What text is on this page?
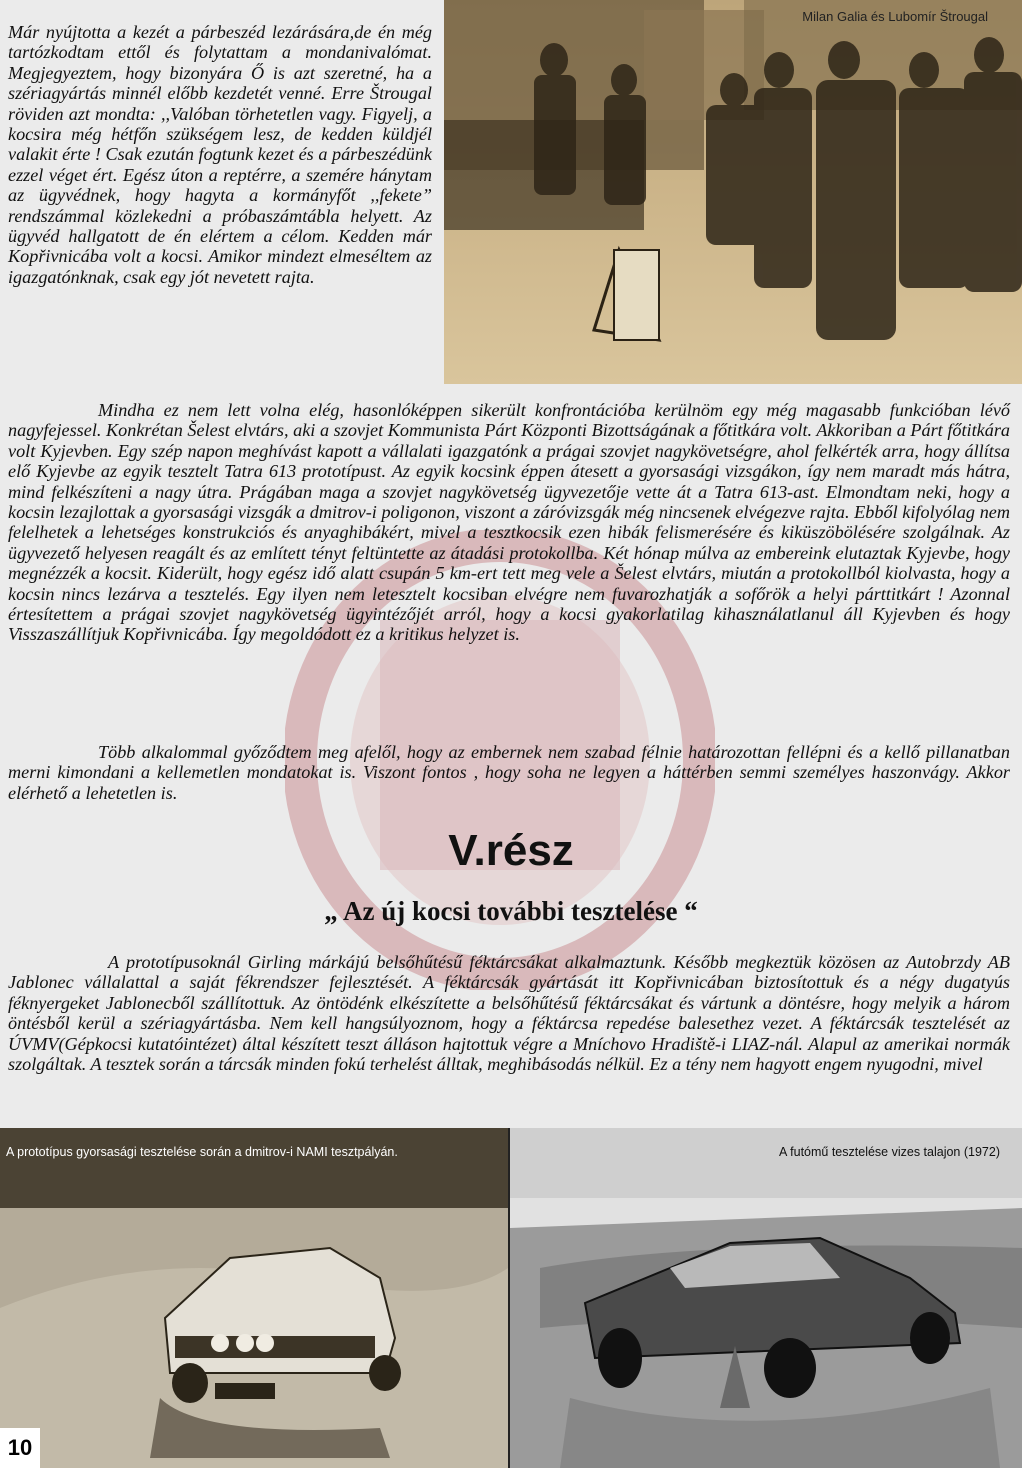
Milan Galia és Lubomír Štrougal

Már nyújtotta a kezét a párbeszéd lezárására,de én még tartózkodtam ettől és folytattam a mondanivalómat. Megjegyeztem, hogy bizonyára Ő is azt szeretné, ha a szériagyártás minnél előbb kezdetét venné. Erre Štrougal röviden azt mondta: ,,Valóban törhetetlen vagy. Figyelj, a kocsira még hétfőn szükségem lesz, de kedden küldjél valakit érte ! Csak ezután fogtunk kezet és a párbeszédünk ezzel véget ért. Egész úton a reptérre, a szemére hánytam az ügyvédnek, hogy hagyta a kormányfőt ,,fekete” rendszámmal közlekedni a próbaszámtábla helyett. Az ügyvéd hallgatott de én elértem a célom. Kedden már Kopřivnicába volt a kocsi. Amikor mindezt elmeséltem az igazgatónknak, csak egy jót nevetett rajta.

Mindha ez nem lett volna elég, hasonlóképpen sikerült konfrontációba kerülnöm egy még magasabb funkcióban lévő nagyfejessel. Konkrétan Šelest elvtárs, aki a szovjet Kommunista Párt Központi Bizottságának a főtitkára volt. Akkoriban a Párt főtitkára volt Kyjevben. Egy szép napon meghívást kapott a vállalati igazgatónk a prágai szovjet nagykövetségre, ahol felkérték arra, hogy állítsa elő Kyjevbe az egyik tesztelt Tatra 613 prototípust. Az egyik kocsink éppen átesett a gyorsasági vizsgákon, így nem maradt más hátra, mind felkészíteni a nagy útra. Prágában maga a szovjet nagykövetség ügyvezetője vette át a Tatra 613-ast. Elmondtam neki, hogy a kocsin lezajlottak a gyorsasági vizsgák a dmitrov-i poligonon, viszont a záróvizsgák még nincsenek elvégezve rajta. Ebből kifolyólag nem felelhetek a lehetséges konstrukciós és anyaghibákért, mivel a tesztkocsik ezen hibák felismerésére és kiküszöbölésére szolgálnak. Az ügyvezető helyesen reagált és az említett tényt feltüntette az átadási protokollba. Két hónap múlva az embereink elutaztak Kyjevbe, hogy megnézzék a kocsit. Kiderült, hogy egész idő alatt csupán 5 km-ert tett meg vele a Šelest elvtárs, miután a protokollból kiolvasta, hogy a kocsin nincs lezárva a tesztelés. Egy ilyen nem letesztelt kocsiban elvégre nem fuvarozhatják a sofőrök a helyi párttitkárt ! Azonnal értesítettem a prágai szovjet nagykövetség ügyintézőjét arról, hogy a kocsi gyakorlatilag kihasználatlanul áll Kyjevben és hogy Visszaszállítjuk Kopřivnicába. Így megoldódott ez a kritikus helyzet is.

Több alkalommal győződtem meg afelől, hogy az embernek nem szabad félnie határozottan fellépni és a kellő pillanatban merni kimondani a kellemetlen mondatokat is. Viszont fontos , hogy soha ne legyen a háttérben semmi személyes haszonvágy. Akkor elérhető a lehetetlen is.

V.rész
„ Az új kocsi további tesztelése “

A prototípusoknál Girling márkájú belsőhűtésű féktárcsákat alkalmaztunk. Később megkeztük közösen az Autobrzdy AB Jablonec vállalattal a saját fékrendszer fejlesztését. A féktárcsák gyártását itt Kopřivnicában biztosítottuk és a négy dugatyús féknyergeket Jablonecből szállítottuk. Az öntödénk elkészítette a belsőhűtésű féktárcsákat és vártunk a döntésre, hogy melyik a három öntésből kerül a szériagyártásba. Nem kell hangsúlyoznom, hogy a féktárcsa repedése balesethez vezet. A féktárcsák tesztelését az ÚVMV(Gépkocsi kutatóintézet) által készített teszt álláson hajtottuk végre a Mníchovo Hradiště-i LIAZ-nál. Alapul az amerikai normák szolgáltak. A tesztek során a tárcsák minden fokú terhelést álltak, meghibásodás nélkül. Ez a tény nem hagyott engem nyugodni, mivel

A prototípus gyorsasági tesztelése során a dmitrov-i NAMI tesztpályán.	A futómű tesztelése vizes talajon (1972)
10
